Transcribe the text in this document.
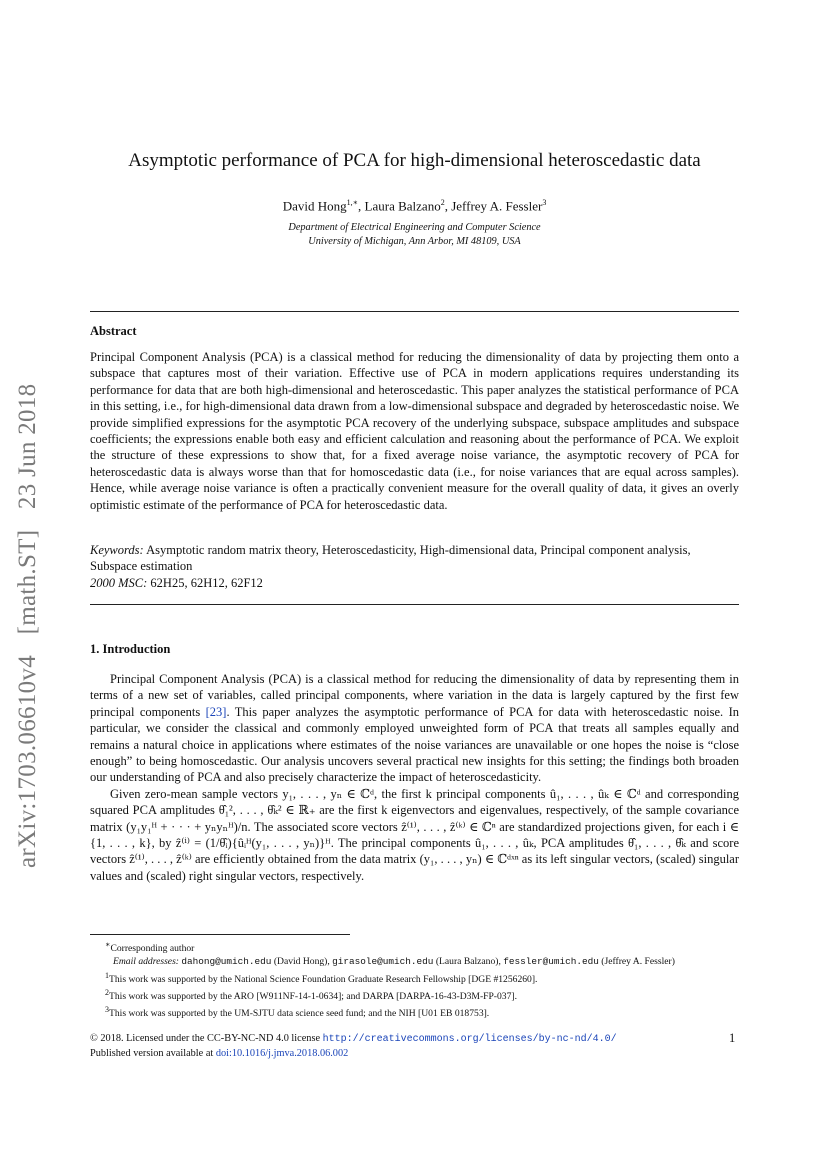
arXiv:1703.06610v4 [math.ST] 23 Jun 2018
Asymptotic performance of PCA for high-dimensional heteroscedastic data
David Hong$^{1,∗}$, Laura Balzano$^2$, Jeffrey A. Fessler$^3$
Department of Electrical Engineering and Computer Science
University of Michigan, Ann Arbor, MI 48109, USA
Abstract

Principal Component Analysis (PCA) is a classical method for reducing the dimensionality of data by projecting them onto a subspace that captures most of their variation. Effective use of PCA in modern applications requires understanding its performance for data that are both high-dimensional and heteroscedastic. This paper analyzes the statistical performance of PCA in this setting, i.e., for high-dimensional data drawn from a low-dimensional subspace and degraded by heteroscedastic noise. We provide simplified expressions for the asymptotic PCA recovery of the underlying subspace, subspace amplitudes and subspace coefficients; the expressions enable both easy and efficient calculation and reasoning about the performance of PCA. We exploit the structure of these expressions to show that, for a fixed average noise variance, the asymptotic recovery of PCA for heteroscedastic data is always worse than that for homoscedastic data (i.e., for noise variances that are equal across samples). Hence, while average noise variance is often a practically convenient measure for the overall quality of data, it gives an overly optimistic estimate of the performance of PCA for heteroscedastic data.

Keywords: Asymptotic random matrix theory, Heteroscedasticity, High-dimensional data, Principal component analysis, Subspace estimation
2000 MSC: 62H25, 62H12, 62F12
1. Introduction

Principal Component Analysis (PCA) is a classical method for reducing the dimensionality of data by representing them in terms of a new set of variables, called principal components, where variation in the data is largely captured by the first few principal components [23]. This paper analyzes the asymptotic performance of PCA for data with heteroscedastic noise. In particular, we consider the classical and commonly employed unweighted form of PCA that treats all samples equally and remains a natural choice in applications where estimates of the noise variances are unavailable or one hopes the noise is “close enough” to being homoscedastic. Our analysis uncovers several practical new insights for this setting; the findings both broaden our understanding of PCA and also precisely characterize the impact of heteroscedasticity.

Given zero-mean sample vectors y₁, . . . , yₙ ∈ ℂᵈ, the first k principal components û₁, . . . , ûₖ ∈ ℂᵈ and corresponding squared PCA amplitudes θ̂₁², . . . , θ̂ₖ² ∈ ℝ₊ are the first k eigenvectors and eigenvalues, respectively, of the sample covariance matrix (y₁y₁ᴴ + · · · + yₙyₙᴴ)/n. The associated score vectors ẑ⁽¹⁾, . . . , ẑ⁽ᵏ⁾ ∈ ℂⁿ are standardized projections given, for each i ∈ {1, . . . , k}, by ẑ⁽ⁱ⁾ = (1/θ̂ᵢ){ûᵢᴴ(y₁, . . . , yₙ)}ᴴ. The principal components û₁, . . . , ûₖ, PCA amplitudes θ̂₁, . . . , θ̂ₖ and score vectors ẑ⁽¹⁾, . . . , ẑ⁽ᵏ⁾ are efficiently obtained from the data matrix (y₁, . . . , yₙ) ∈ ℂᵈˣⁿ as its left singular vectors, (scaled) singular values and (scaled) right singular vectors, respectively.

∗Corresponding author

Email addresses: dahong@umich.edu (David Hong), girasole@umich.edu (Laura Balzano), fessler@umich.edu (Jeffrey A. Fessler)

$^1$This work was supported by the National Science Foundation Graduate Research Fellowship [DGE #1256260].

$^2$This work was supported by the ARO [W911NF-14-1-0634]; and DARPA [DARPA-16-43-D3M-FP-037].

$^3$This work was supported by the UM-SJTU data science seed fund; and the NIH [U01 EB 018753].

© 2018. Licensed under the CC-BY-NC-ND 4.0 license http://creativecommons.org/licenses/by-nc-nd/4.0/

Published version available at doi:10.1016/j.jmva.2018.06.002

1
